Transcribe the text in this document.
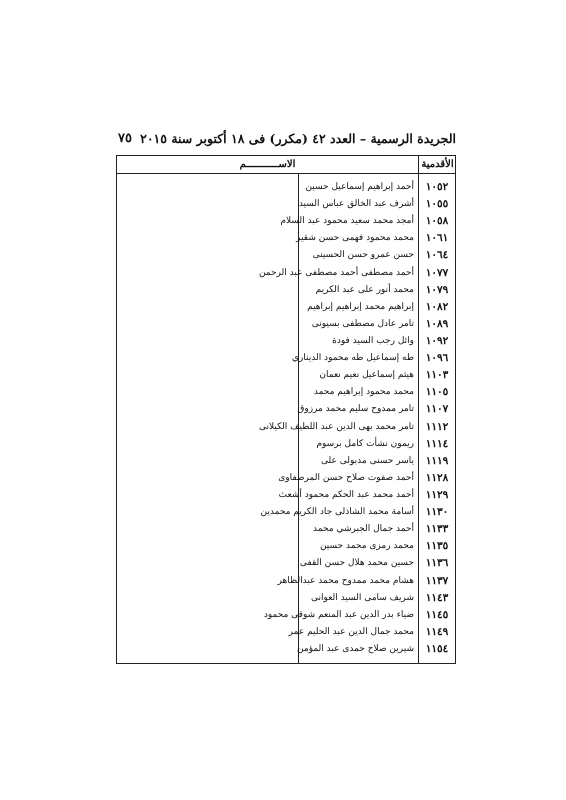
٧٥ الجريدة الرسمية – العدد ٤٢ (مكرر) فى ١٨ أكتوبر سنة ٢٠١٥
الأقدمية
الاســـــــــــم
١٠٥٢
أحمد إبراهيم إسماعيل حسين
١٠٥٥
أشرف عبد الخالق عباس السيد
١٠٥٨
أمجد محمد سعيد محمود عبد السلام
١٠٦١
محمد محمود فهمى حسن شقير
١٠٦٤
حسن عمرو حسن الحسينى
١٠٧٧
أحمد مصطفى أحمد مصطفى عبد الرحمن
١٠٧٩
محمد أنور على عبد الكريم
١٠٨٢
إبراهيم محمد إبراهيم إبراهيم
١٠٨٩
تامر عادل مصطفى بسيونى
١٠٩٢
وائل رجب السيد فودة
١٠٩٦
طه إسماعيل طه محمود الديناري
١١٠٣
هيثم إسماعيل نعيم نعمان
١١٠٥
محمد محمود إبراهيم محمد
١١٠٧
تامر ممدوح سليم محمد مرزوق
١١١٢
تامر محمد بهى الدين عبد اللطيف الكيلانى
١١١٤
ريمون نشأت كامل برسوم
١١١٩
ياسر حسنى مدبولى على
١١٢٨
أحمد صفوت صلاح حسن المرصفاوى
١١٢٩
أحمد محمد عبد الحكم محمود أشعث
١١٣٠
أسامة محمد الشاذلى جاد الكريم محمدين
١١٣٣
أحمد جمال الجبرشي محمد
١١٣٥
محمد رمزى محمد حسين
١١٣٦
حسين محمد هلال حسن القفى
١١٣٧
هشام محمد ممدوح محمد عبدالظاهر
١١٤٣
شريف سامى السيد العوانى
١١٤٥
ضياء بدر الدين عبد المنعم شوقى محمود
١١٤٩
محمد جمال الدين عبد الحليم عمر
١١٥٤
شيرين صلاح حمدى عبد المؤمن
